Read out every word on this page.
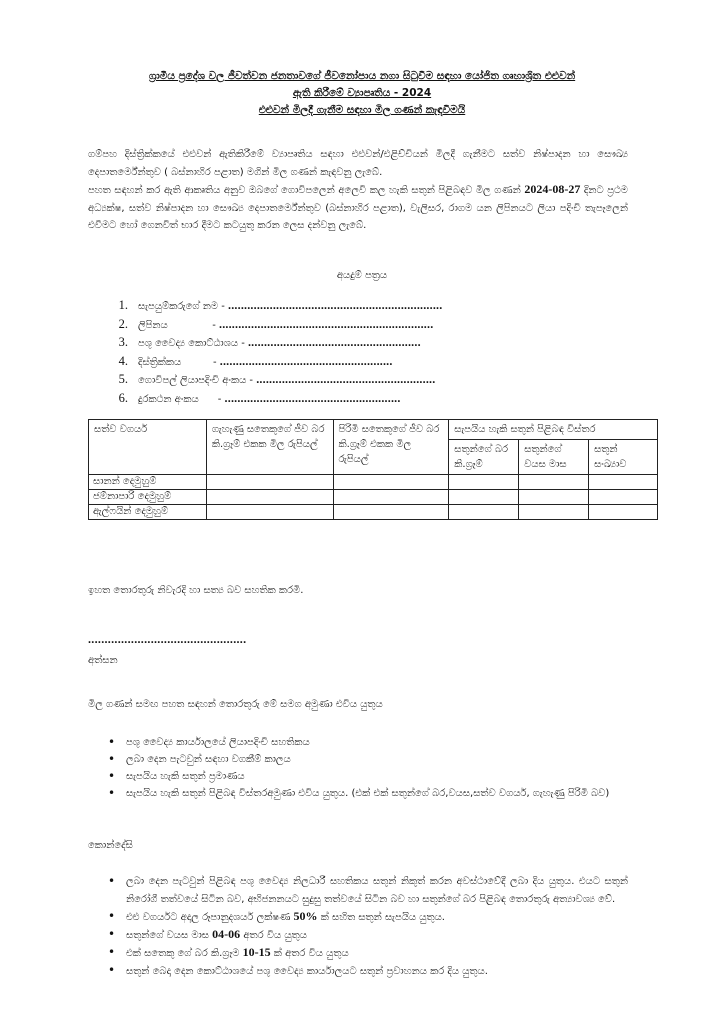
ග්‍රාමීය ප්‍රදේශ වල ජීවත්වන ජනතාවගේ ජීවනෝපාය නගා සිටුවීම සඳහා යෝජිත ගෘහාශ්‍රිත එළුවන්
ඇති කිරීමේ ව්‍යාපෘතිය - 2024
එළුවන් මිලදී ගැනීම සඳහා මිල ගණන් කැඳවීමයි
ගම්පහ දිස්ත්‍රික්කයේ එළුවන් ඇතිකිරීමේ ව්‍යාපෘතිය සඳහා එළුවන්/එළිච්චියන් මිලදී ගැනීමට සත්ව නිෂ්පාදන හා සෞඛ්‍ය දෙපාතර්මේන්තුව ( බස්නාහිර පළාත) මගින් මිල ගණන් කැඳවනු ලැබේ.
පහත සඳහන් කර ඇති ආකෘතිය අනුව ඔබගේ ගොවිපලෙන් අලෙවි කල හැකි සතුන් පිළිබඳව මිල ගණන් 2024-08-27 දිනට ප්‍රථම අධ්‍යක්ෂ, සත්ව නිෂ්පාදන හා සෞඛ්‍ය දෙපාතර්මේන්තුව (බස්නාහිර පළාත), වැලිසර, රාගම යන ලිපිනයට ලියා පදිංචි තැපෑලෙන් එවීමට හෝ ගෙනවිත් භාර දීමට කටයුතු කරන ලෙස දන්වනු ලැබේ.
අයදුම් පත්‍රය
1.	සැපයුම්කරුගේ නම - ...................................................................
2.	ලිපිනය              - ...................................................................
3.	පශු වෛද්‍ය කොට්ඨාශය - ......................................................
4.	දිස්ත්‍රික්කය          - ......................................................
5.	ගොවිපල් ලියාපදිංචි අංකය - ........................................................
6.	දුරකථන අංකය      - .......................................................
සත්ව වගර්ය	ගැහැණු සතෙකුගේ ජීව බර කි.ග්‍රෑම් එකක මිල රුපියල්	පිරිමි සතෙකුගේ ජීව බර කි.ග්‍රෑම් එකක මිල රුපියල්	සැපයිය හැකි සතුන් පිළිබඳ විස්තර		
			සතුන්ගේ බර කි.ග්‍රෑම්	සතුන්ගේ වයස මාස	සතුන් සංඛ්‍යාව
සානන් දෙමුහුම්					
ජම්නාපාරි දෙමුහුම්					
ඇල්ෆයින් දෙමුහුම්					
ඉහත තොරතුරු නිවැරදි හා සත්‍ය බව සහතික කරමි.
................................................
අත්සන
මිල ගණන් සමඟ පහත සඳහන් තොරතුරු මේ සමග අමුණා එවිය යුතුය
• පශු වෛද්‍ය කාර්යාලයේ ලියාපදිංචි සහතිකය
• ලබා දෙන පැටවුන් සඳහා වගකීම් කාලය
• සැපයිය හැකි සතුන් ප්‍රමාණය
• සැපයිය හැකි සතුන් පිළිබඳ විස්තරඅමුණා එවිය යුතුය. (එක් එක් සතුන්ගේ බර,වයස,සත්ව වගර්ය, ගැහැණු පිරිමි බව)
කොන්දේසි
• ලබා දෙන පැටවුන් පිළිබඳ පශු වෛද්‍ය නිලධාරී සහතිකය සතුන් නිකුත් කරන අවස්ථාවේදී ලබා දිය යුතුය. එයට සතුන් නිරෝගී තත්වයේ සිටින බව, අභිජනනයට සුදුසු තත්වයේ සිටින බව හා සතුන්ගේ බර පිළිබඳ තොරතුරු අත්‍යාවශ්‍ය වේ.
• එළු වගර්යට අදාල රූපානුදශර්ය ලක්ෂණ 50% ක් සහිත සතුන් සැපයිය යුතුය.
• සතුන්ගේ වයස මාස 04-06 අතර විය යුතුය
• එක් සතෙකු ගේ බර කි.ග්‍රෑම 10-15 ක් අතර විය යුතුය
• සතුන් බෙදා දෙන කොට්ඨාශයේ පශු වෛද්‍ය කාර්යාලයට සතුන් ප්‍රවාහනය කර දිය යුතුය.
